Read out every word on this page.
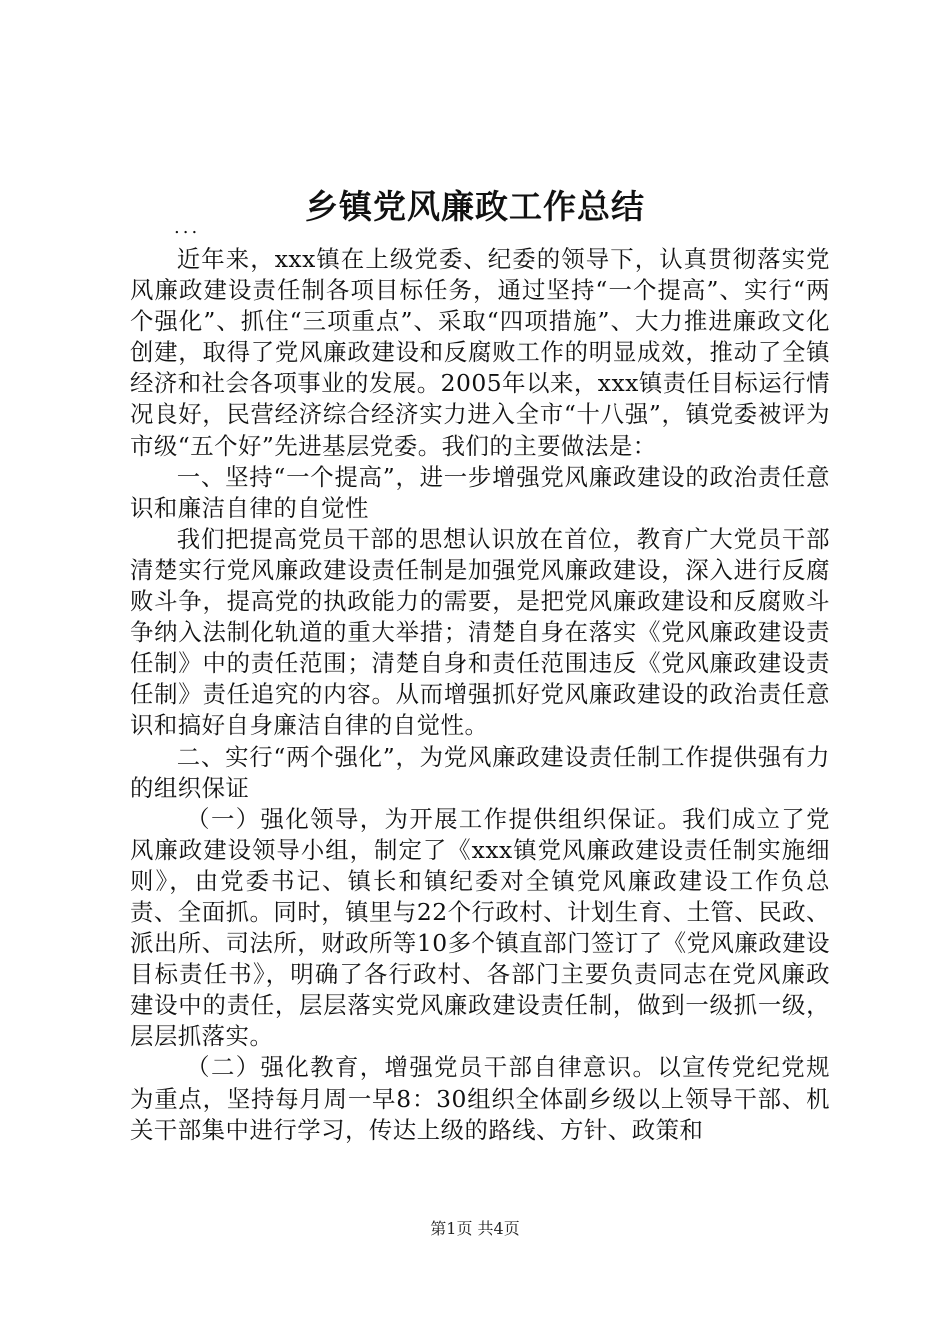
乡镇党风廉政工作总结
...

近年来，xxx镇在上级党委、纪委的领导下，认真贯彻落实党风廉政建设责任制各项目标任务，通过坚持“一个提高”、实行“两个强化”、抓住“三项重点”、采取“四项措施”、大力推进廉政文化创建，取得了党风廉政建设和反腐败工作的明显成效，推动了全镇经济和社会各项事业的发展。2005年以来，xxx镇责任目标运行情况良好，民营经济综合经济实力进入全市“十八强”，镇党委被评为市级“五个好”先进基层党委。我们的主要做法是：

一、坚持“一个提高”，进一步增强党风廉政建设的政治责任意识和廉洁自律的自觉性

我们把提高党员干部的思想认识放在首位，教育广大党员干部清楚实行党风廉政建设责任制是加强党风廉政建设，深入进行反腐败斗争，提高党的执政能力的需要，是把党风廉政建设和反腐败斗争纳入法制化轨道的重大举措；清楚自身在落实《党风廉政建设责任制》中的责任范围；清楚自身和责任范围违反《党风廉政建设责任制》责任追究的内容。从而增强抓好党风廉政建设的政治责任意识和搞好自身廉洁自律的自觉性。

二、实行“两个强化”，为党风廉政建设责任制工作提供强有力的组织保证

（一）强化领导，为开展工作提供组织保证。我们成立了党风廉政建设领导小组，制定了《xxx镇党风廉政建设责任制实施细则》，由党委书记、镇长和镇纪委对全镇党风廉政建设工作负总责、全面抓。同时，镇里与22个行政村、计划生育、土管、民政、派出所、司法所，财政所等10多个镇直部门签订了《党风廉政建设目标责任书》，明确了各行政村、各部门主要负责同志在党风廉政建设中的责任，层层落实党风廉政建设责任制，做到一级抓一级，层层抓落实。

（二）强化教育，增强党员干部自律意识。以宣传党纪党规为重点，坚持每月周一早8：30组织全体副乡级以上领导干部、机关干部集中进行学习，传达上级的路线、方针、政策和

第1页 共4页
